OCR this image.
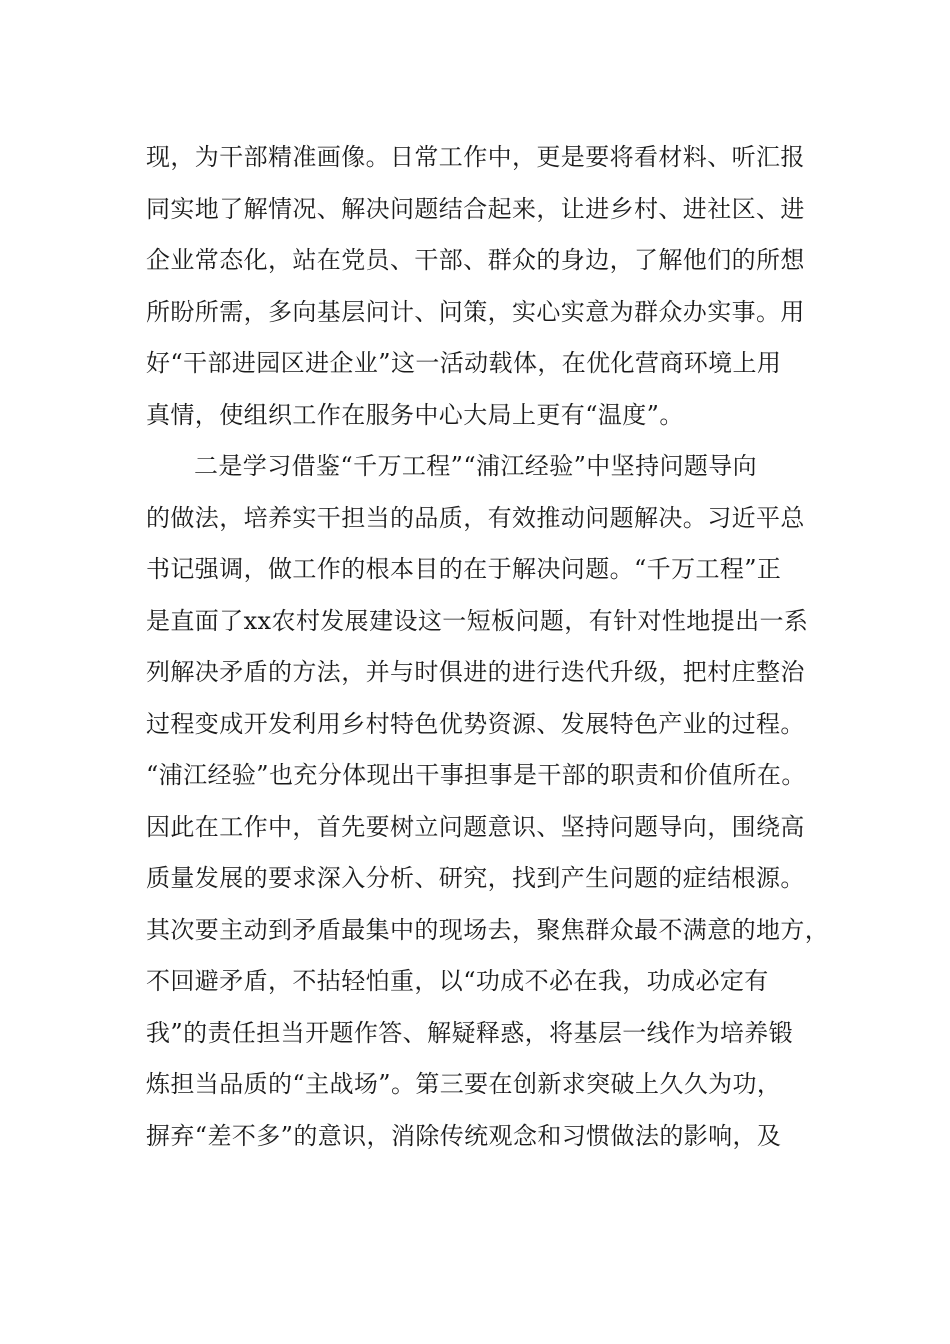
现，为干部精准画像。日常工作中，更是要将看材料、听汇报
同实地了解情况、解决问题结合起来，让进乡村、进社区、进
企业常态化，站在党员、干部、群众的身边，了解他们的所想
所盼所需，多向基层问计、问策，实心实意为群众办实事。用
好“干部进园区进企业”这一活动载体，在优化营商环境上用
真情，使组织工作在服务中心大局上更有“温度”。
二是学习借鉴“千万工程”“浦江经验”中坚持问题导向
的做法，培养实干担当的品质，有效推动问题解决。习近平总
书记强调，做工作的根本目的在于解决问题。“千万工程”正
是直面了xx农村发展建设这一短板问题，有针对性地提出一系
列解决矛盾的方法，并与时俱进的进行迭代升级，把村庄整治
过程变成开发利用乡村特色优势资源、发展特色产业的过程。
“浦江经验”也充分体现出干事担事是干部的职责和价值所在。
因此在工作中，首先要树立问题意识、坚持问题导向，围绕高
质量发展的要求深入分析、研究，找到产生问题的症结根源。
其次要主动到矛盾最集中的现场去，聚焦群众最不满意的地方，
不回避矛盾，不拈轻怕重，以“功成不必在我，功成必定有
我”的责任担当开题作答、解疑释惑，将基层一线作为培养锻
炼担当品质的“主战场”。第三要在创新求突破上久久为功，
摒弃“差不多”的意识，消除传统观念和习惯做法的影响，及
